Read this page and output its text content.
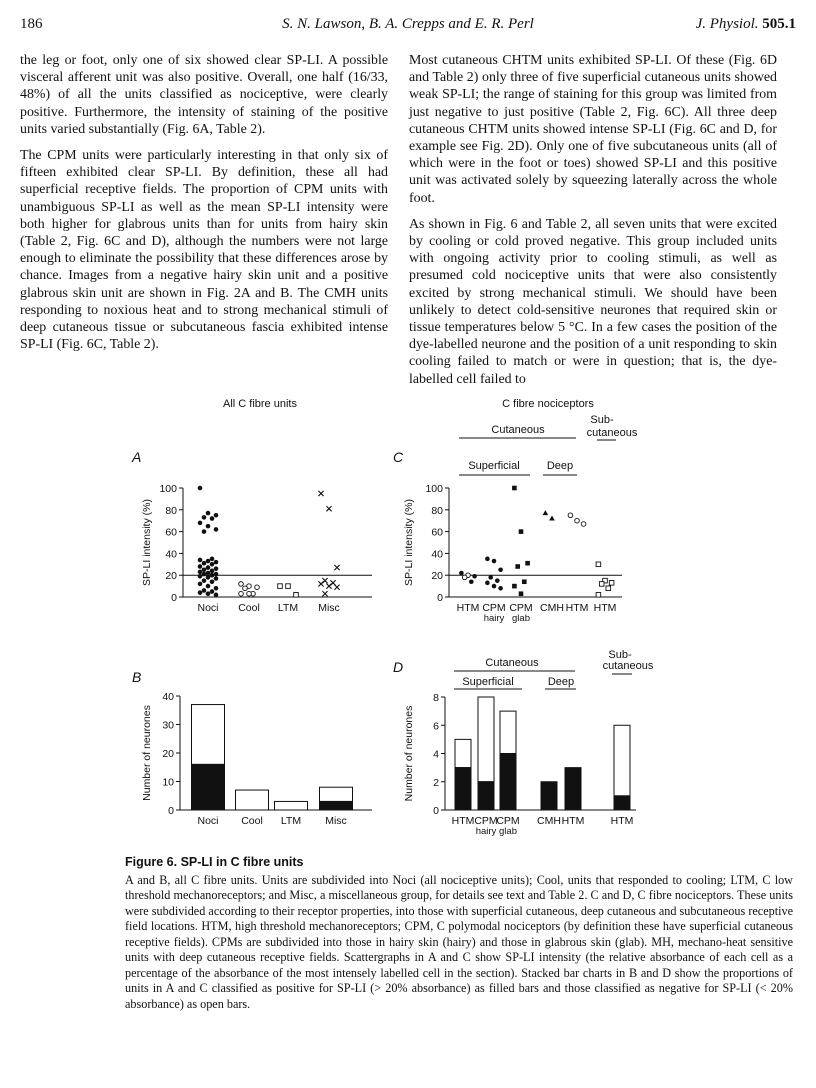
186	S. N. Lawson, B. A. Crepps and E. R. Perl	J. Physiol. 505.1

the leg or foot, only one of six showed clear SP-LI. A possible visceral afferent unit was also positive. Overall, one half (16/33, 48%) of all the units classified as nociceptive, were clearly positive. Furthermore, the intensity of staining of the positive units varied substantially (Fig. 6A, Table 2).

The CPM units were particularly interesting in that only six of fifteen exhibited clear SP-LI. By definition, these all had superficial receptive fields. The proportion of CPM units with unambiguous SP-LI as well as the mean SP-LI intensity were both higher for glabrous units than for units from hairy skin (Table 2, Fig. 6C and D), although the numbers were not large enough to eliminate the possibility that these differences arose by chance. Images from a negative hairy skin unit and a positive glabrous skin unit are shown in Fig. 2A and B. The CMH units responding to noxious heat and to strong mechanical stimuli of deep cutaneous tissue or subcutaneous fascia exhibited intense SP-LI (Fig. 6C, Table 2).

Most cutaneous CHTM units exhibited SP-LI. Of these (Fig. 6D and Table 2) only three of five superficial cutaneous units showed weak SP-LI; the range of staining for this group was limited from just negative to just positive (Table 2, Fig. 6C). All three deep cutaneous CHTM units showed intense SP-LI (Fig. 6C and D, for example see Fig. 2D). Only one of five subcutaneous units (all of which were in the foot or toes) showed SP-LI and this positive unit was activated solely by squeezing laterally across the whole foot.

As shown in Fig. 6 and Table 2, all seven units that were excited by cooling or cold proved negative. This group included units with ongoing activity prior to cooling stimuli, as well as presumed cold nociceptive units that were also consistently excited by strong mechanical stimuli. We should have been unlikely to detect cold-sensitive neurones that required skin or tissue temperatures below 5 °C. In a few cases the position of the dye-labelled neurone and the position of a unit responding to skin cooling failed to match or were in question; that is, the dye-labelled cell failed to

All C fibre units	C fibre nociceptors
A
B
C
D
Cutaneous
Sub-
cutaneous
Superficial Deep
Cutaneous
Sub-
cutaneous
Superficial	Deep
0
20
40
60
80
100
SP-LI intensity (%)
Noci Cool LTM Misc
0
10
20
30
40
Number of neurones
Noci Cool LTM Misc
0
20
40
60
80
100
SP-LI intensity (%)
HTM CPM
hairy
CPM
glab
CMH HTM HTM
0
2
4
6
8
Number of neurones
HTM CPM
hairy
CPM
glab
CMH HTM	HTM
Figure 6. SP-LI in C fibre units
A and B, all C fibre units. Units are subdivided into Noci (all nociceptive units); Cool, units that responded to cooling; LTM, C low threshold mechanoreceptors; and Misc, a miscellaneous group, for details see text and Table 2. C and D, C fibre nociceptors. These units were subdivided according to their receptor properties, into those with superficial cutaneous, deep cutaneous and subcutaneous receptive field locations. HTM, high threshold mechanoreceptors; CPM, C polymodal nociceptors (by definition these have superficial cutaneous receptive fields). CPMs are subdivided into those in hairy skin (hairy) and those in glabrous skin (glab). MH, mechano-heat sensitive units with deep cutaneous receptive fields. Scattergraphs in A and C show SP-LI intensity (the relative absorbance of each cell as a percentage of the absorbance of the most intensely labelled cell in the section). Stacked bar charts in B and D show the proportions of units in A and C classified as positive for SP-LI (> 20% absorbance) as filled bars and those classified as negative for SP-LI (< 20% absorbance) as open bars.
